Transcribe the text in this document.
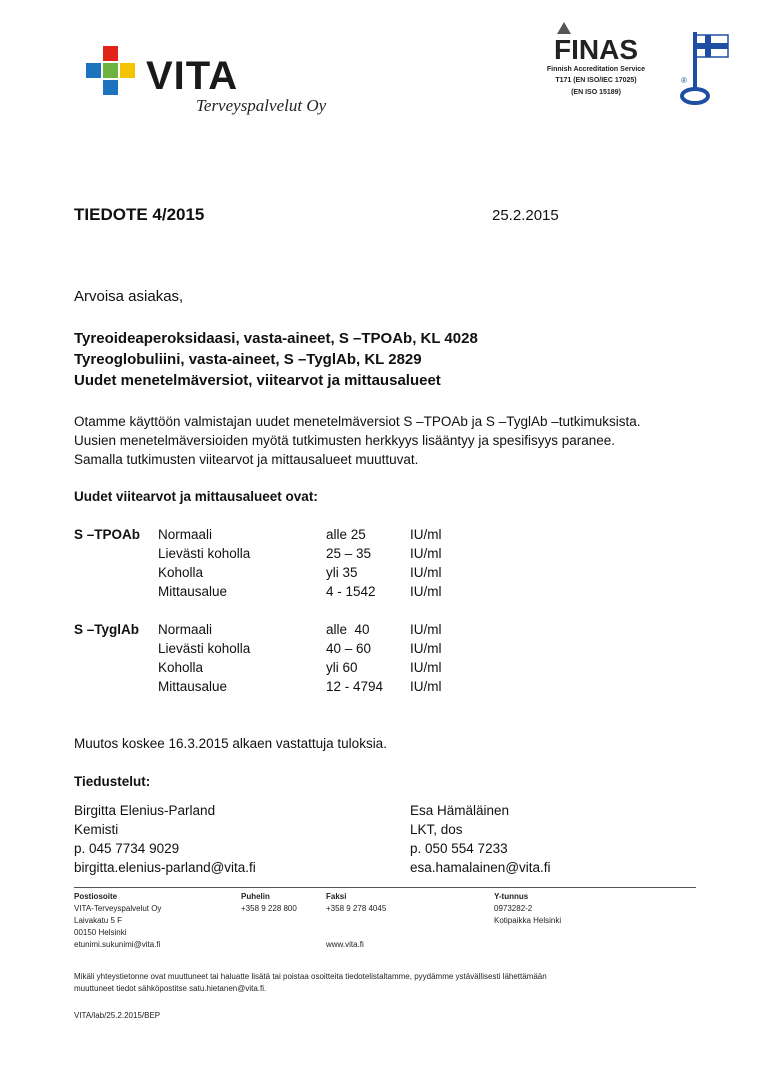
VITA
Terveyspalvelut Oy
FINAS
Finnish Accreditation Service
T171 (EN ISO/IEC 17025)
(EN ISO 15189)
®
TIEDOTE 4/2015	25.2.2015
Arvoisa asiakas,
Tyreoideaperoksidaasi, vasta-aineet, S –TPOAb, KL 4028
Tyreoglobuliini, vasta-aineet, S –TyglAb, KL 2829
Uudet menetelmäversiot, viitearvot ja mittausalueet
Otamme käyttöön valmistajan uudet menetelmäversiot S –TPOAb ja S –TyglAb –tutkimuksista.
Uusien menetelmäversioiden myötä tutkimusten herkkyys lisääntyy ja spesifisyys paranee.
Samalla tutkimusten viitearvot ja mittausalueet muuttuvat.
Uudet viitearvot ja mittausalueet ovat:
S –TPOAb	Normaali	alle 25	IU/ml
	Lievästi koholla	25 – 35	IU/ml
	Koholla	yli 35	IU/ml
	Mittausalue	4 - 1542	IU/ml
S –TyglAb	Normaali	alle  40	IU/ml
	Lievästi koholla	40 – 60	IU/ml
	Koholla	yli 60	IU/ml
	Mittausalue	12 - 4794	IU/ml
Muutos koskee 16.3.2015 alkaen vastattuja tuloksia.
Tiedustelut:
Birgitta Elenius-Parland
Kemisti
p. 045 7734 9029
birgitta.elenius-parland@vita.fi
Esa Hämäläinen
LKT, dos
p. 050 554 7233
esa.hamalainen@vita.fi
Postiosoite
VITA-Terveyspalvelut Oy
Laivakatu 5 F
00150 Helsinki
etunimi.sukunimi@vita.fi
Puhelin
+358 9 228 800
Faksi
+358 9 278 4045
www.vita.fi
Y-tunnus
0973282-2
Kotipaikka Helsinki
Mikäli yhteystietonne ovat muuttuneet tai haluatte lisätä tai poistaa osoitteita tiedotelistaltamme, pyydämme ystävällisesti lähettämään
muuttuneet tiedot sähköpostitse satu.hietanen@vita.fi.
VITA/lab/25.2.2015/BEP
